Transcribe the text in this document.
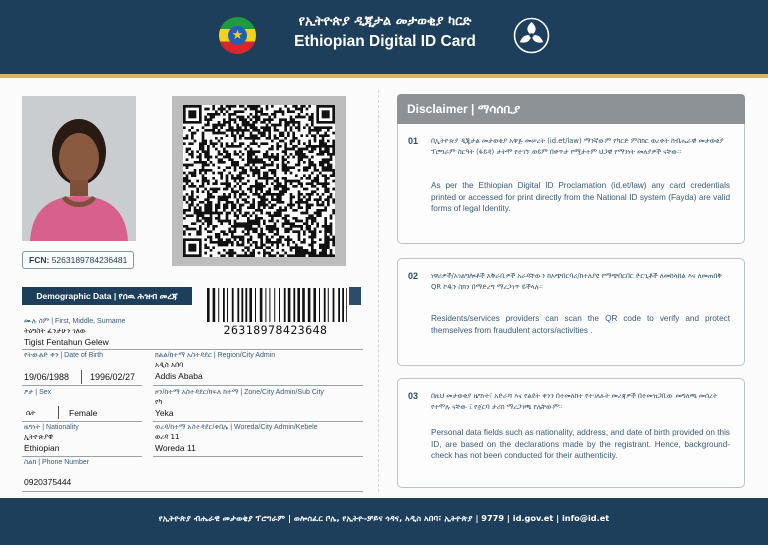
★
የኢትዮጵያ ዲጂታል መታወቂያ ካርድ
Ethiopian Digital ID Card
FCN: 5263189784236481
Demographic Data | የሰዉ ሕዝብ መረጃ
26318978423648
ሙሉ ስም | First, Middle, Surname
ትዕግስት ፈንታሁን ገለው
Tigist Fentahun Gelew
የትውልድ ቀን | Date of Birth
19/06/1988 1996/02/27
ክልል/ከተማ አስተዳደር | Region/City Admin
አዲስ አበባ
Addis Ababa
ፆታ | Sex
ሴት	Female
ዞን/ከተማ አስተዳደር/ክፍለ ከተማ | Zone/City Admin/Sub City
የካ
Yeka
ዜግነት | Nationality
ኢትዮጵያዊ
Ethiopian
ወረዳ/ከተማ አስተዳደር/ቀበሌ | Woreda/City Admin/Kebele
ወረዳ 11
Woreda 11
ስልክ | Phone Number
0920375444
Disclaimer | ማሳሰቢያ
01 በኢትዮጵያ ዲጂታል መታወቂያ አዋጅ መሠረት (id.et/law) ማንኛውም የካርድ ምስክር ወረቀት ከብሔራዊ መታወቂያ ፕሮግራም ስርዓት (ፋይዳ) ታትሞ የተገኘ ወይም በቀጥታ የሚታተም ህጋዊ የማንነት መለያዎች ናቸው።
As per the Ethiopian Digital ID Proclamation (id.et/law) any card credentials printed or accessed for print directly from the National ID system (Fayda) are valid forms of legal Identity.
02 ነዋሪዎች/አገልግሎቶች አቅራቢዎች አራዳቸውን ከአጭበርባሪ/ከተለያዩ የማጭበርበር ድርጊቶች ለመከላከል እና ለመጠበቅ QR ኮዱን ስክን በማድረግ ማረጋገጥ ይችላሉ።
Residents/services providers can scan the QR code to verify and protect themselves from fraudulent actors/activities .
03 በዚህ መታወቂያ ዜግነት፣ አድራሻ እና የልደት ቀንን በተመለከተ የተገለፁት መረጃዎች በተመዝጋቢው መግለጫ መሰረት የተሞሉ ናቸው ፤ የጀርባ ታሪክ ማረጋገጫ የሌቸውም።
Personal data fields such as nationality, address, and date of birth provided on this ID, are based on the declarations made by the registrant. Hence, background-check has not been conducted for their authenticity.
የኢትዮጵያ ብሔራዊ መታወቂያ ፕሮግራም | ወሎሰፈር ቦሌ, የኢትዮ-ቻይና ጎዳና, አዲስ አበባ፣ ኢትዮጵያ | 9779 | id.gov.et | info@id.et
